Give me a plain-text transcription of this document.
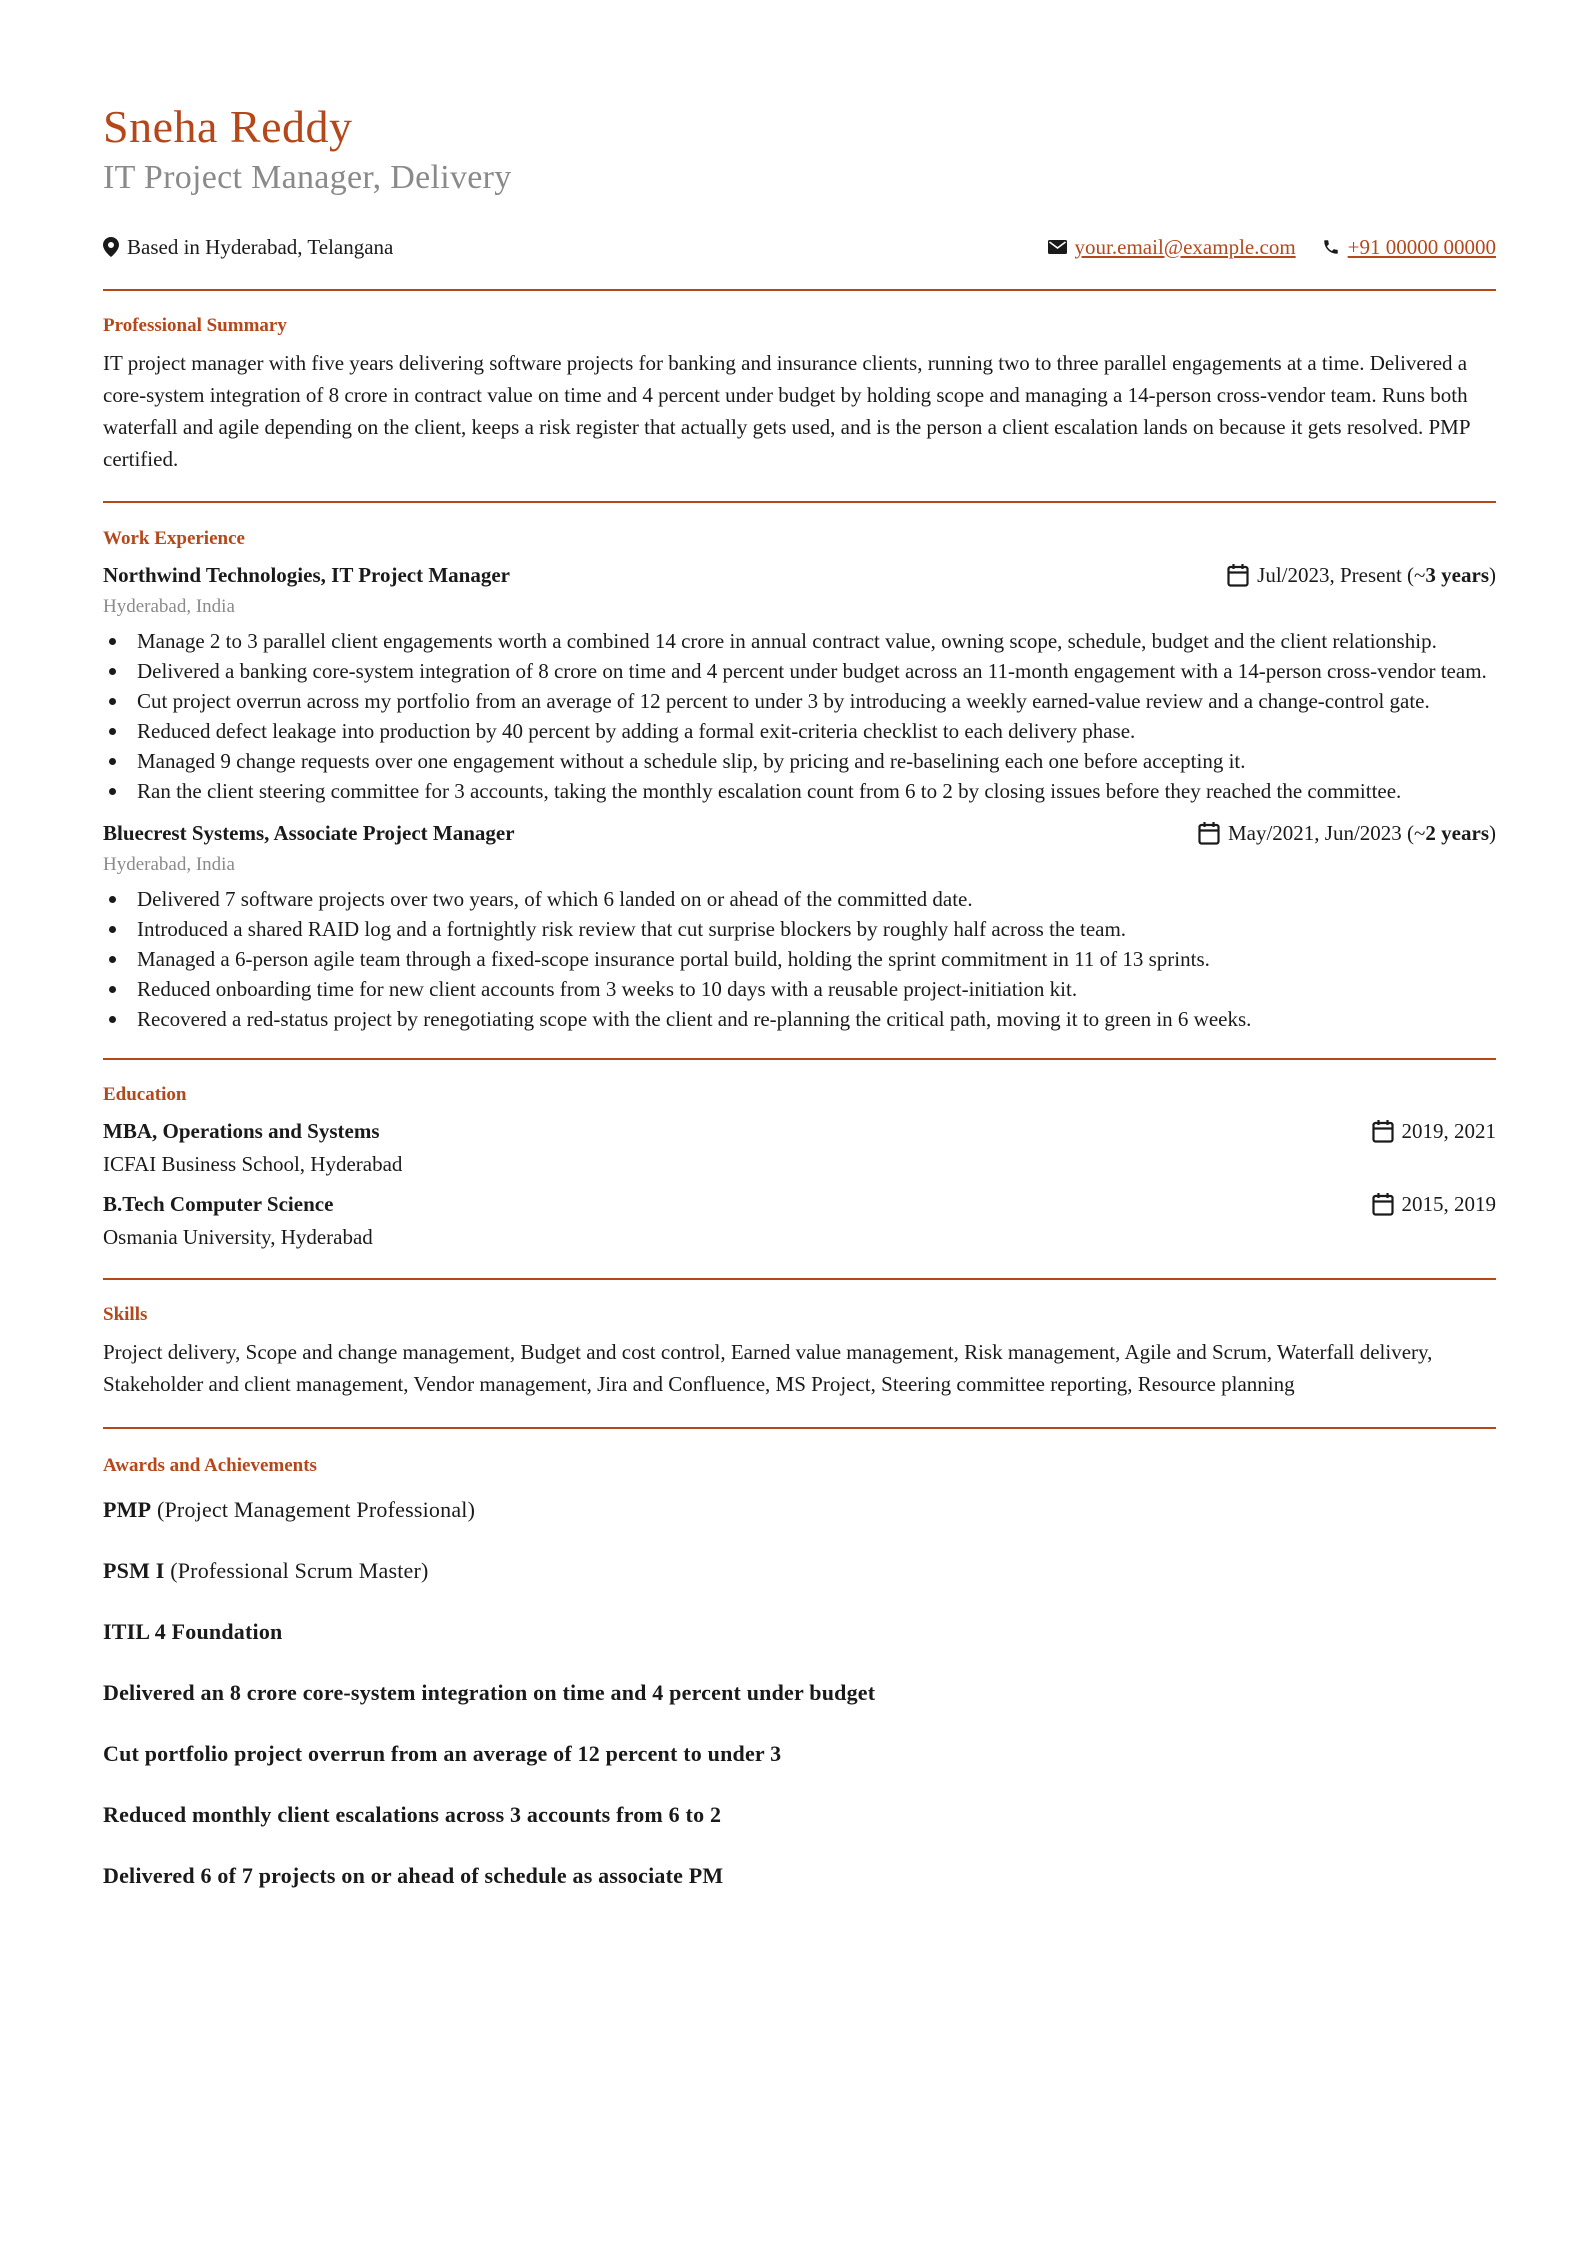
Sneha Reddy
IT Project Manager, Delivery
Based in Hyderabad, Telangana	your.email@example.com +91 00000 00000
Professional Summary

IT project manager with five years delivering software projects for banking and insurance clients, running two to three parallel engagements at a time. Delivered a core-system integration of 8 crore in contract value on time and 4 percent under budget by holding scope and managing a 14-person cross-vendor team. Runs both waterfall and agile depending on the client, keeps a risk register that actually gets used, and is the person a client escalation lands on because it gets resolved. PMP certified.

Work Experience
Northwind Technologies, IT Project Manager	Jul/2023, Present (~ 3 years )
Hyderabad, India
Manage 2 to 3 parallel client engagements worth a combined 14 crore in annual contract value, owning scope, schedule, budget and the client relationship.
Delivered a banking core-system integration of 8 crore on time and 4 percent under budget across an 11-month engagement with a 14-person cross-vendor team.
Cut project overrun across my portfolio from an average of 12 percent to under 3 by introducing a weekly earned-value review and a change-control gate.
Reduced defect leakage into production by 40 percent by adding a formal exit-criteria checklist to each delivery phase.
Managed 9 change requests over one engagement without a schedule slip, by pricing and re-baselining each one before accepting it.
Ran the client steering committee for 3 accounts, taking the monthly escalation count from 6 to 2 by closing issues before they reached the committee.
Bluecrest Systems, Associate Project Manager	May/2021, Jun/2023 (~ 2 years )
Hyderabad, India
Delivered 7 software projects over two years, of which 6 landed on or ahead of the committed date.
Introduced a shared RAID log and a fortnightly risk review that cut surprise blockers by roughly half across the team.
Managed a 6-person agile team through a fixed-scope insurance portal build, holding the sprint commitment in 11 of 13 sprints.
Reduced onboarding time for new client accounts from 3 weeks to 10 days with a reusable project-initiation kit.
Recovered a red-status project by renegotiating scope with the client and re-planning the critical path, moving it to green in 6 weeks.
Education
MBA, Operations and Systems	2019, 2021
ICFAI Business School, Hyderabad
B.Tech Computer Science	2015, 2019
Osmania University, Hyderabad
Skills

Project delivery, Scope and change management, Budget and cost control, Earned value management, Risk management, Agile and Scrum, Waterfall delivery, Stakeholder and client management, Vendor management, Jira and Confluence, MS Project, Steering committee reporting, Resource planning

Awards and Achievements

PMP (Project Management Professional)

PSM I (Professional Scrum Master)

ITIL 4 Foundation

Delivered an 8 crore core-system integration on time and 4 percent under budget

Cut portfolio project overrun from an average of 12 percent to under 3

Reduced monthly client escalations across 3 accounts from 6 to 2

Delivered 6 of 7 projects on or ahead of schedule as associate PM
